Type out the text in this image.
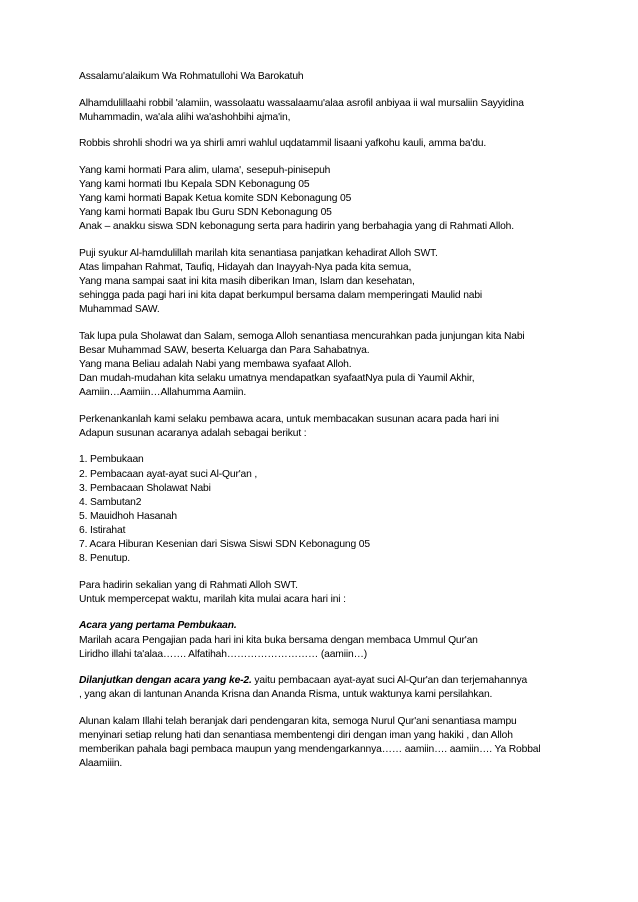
Assalamu'alaikum Wa Rohmatullohi Wa Barokatuh

Alhamdulillaahi robbil 'alamiin, wassolaatu wassalaamu'alaa asrofil anbiyaa ii wal mursaliin Sayyidina
Muhammadin, wa'ala alihi wa'ashohbihi ajma'in,

Robbis shrohli shodri wa ya shirli amri wahlul uqdatammil lisaani yafkohu kauli, amma ba'du.

Yang kami hormati Para alim, ulama', sesepuh-pinisepuh
Yang kami hormati Ibu Kepala SDN Kebonagung 05
Yang kami hormati Bapak Ketua komite SDN Kebonagung 05
Yang kami hormati Bapak Ibu Guru SDN Kebonagung 05
Anak – anakku siswa SDN kebonagung serta para hadirin yang berbahagia yang di Rahmati Alloh.

Puji syukur Al-hamdulillah marilah kita senantiasa panjatkan kehadirat Alloh SWT.
Atas limpahan Rahmat, Taufiq, Hidayah dan Inayyah-Nya pada kita semua,
Yang mana sampai saat ini kita masih diberikan Iman, Islam dan kesehatan,
sehingga pada pagi hari ini kita dapat berkumpul bersama dalam memperingati Maulid nabi
Muhammad SAW.

Tak lupa pula Sholawat dan Salam, semoga Alloh senantiasa mencurahkan pada junjungan kita Nabi
Besar Muhammad SAW, beserta Keluarga dan Para Sahabatnya.
Yang mana Beliau adalah Nabi yang membawa syafaat Alloh.
Dan mudah-mudahan kita selaku umatnya mendapatkan syafaatNya pula di Yaumil Akhir,
Aamiin…Aamiin…Allahumma Aamiin.

Perkenankanlah kami selaku pembawa acara, untuk membacakan susunan acara pada hari ini
Adapun susunan acaranya adalah sebagai berikut :

1. Pembukaan
2. Pembacaan ayat-ayat suci Al-Qur'an ,
3. Pembacaan Sholawat Nabi
4. Sambutan2
5. Mauidhoh Hasanah
6. Istirahat
7. Acara Hiburan Kesenian dari Siswa Siswi SDN Kebonagung 05
8. Penutup.

Para hadirin sekalian yang di Rahmati Alloh SWT.
Untuk mempercepat waktu, marilah kita mulai acara hari ini :

Acara yang pertama Pembukaan.
Marilah acara Pengajian pada hari ini kita buka bersama dengan membaca Ummul Qur'an
Liridho illahi ta'alaa……. Alfatihah……………………… (aamiin…)

Dilanjutkan dengan acara yang ke-2. yaitu pembacaan ayat-ayat suci Al-Qur'an dan terjemahannya
, yang akan di lantunan Ananda Krisna dan Ananda Risma, untuk waktunya kami persilahkan.

Alunan kalam Illahi telah beranjak dari pendengaran kita, semoga Nurul Qur'ani senantiasa mampu
menyinari setiap relung hati dan senantiasa membentengi diri dengan iman yang hakiki , dan Alloh
memberikan pahala bagi pembaca maupun yang mendengarkannya…… aamiin…. aamiin…. Ya Robbal
Alaamiiin.
